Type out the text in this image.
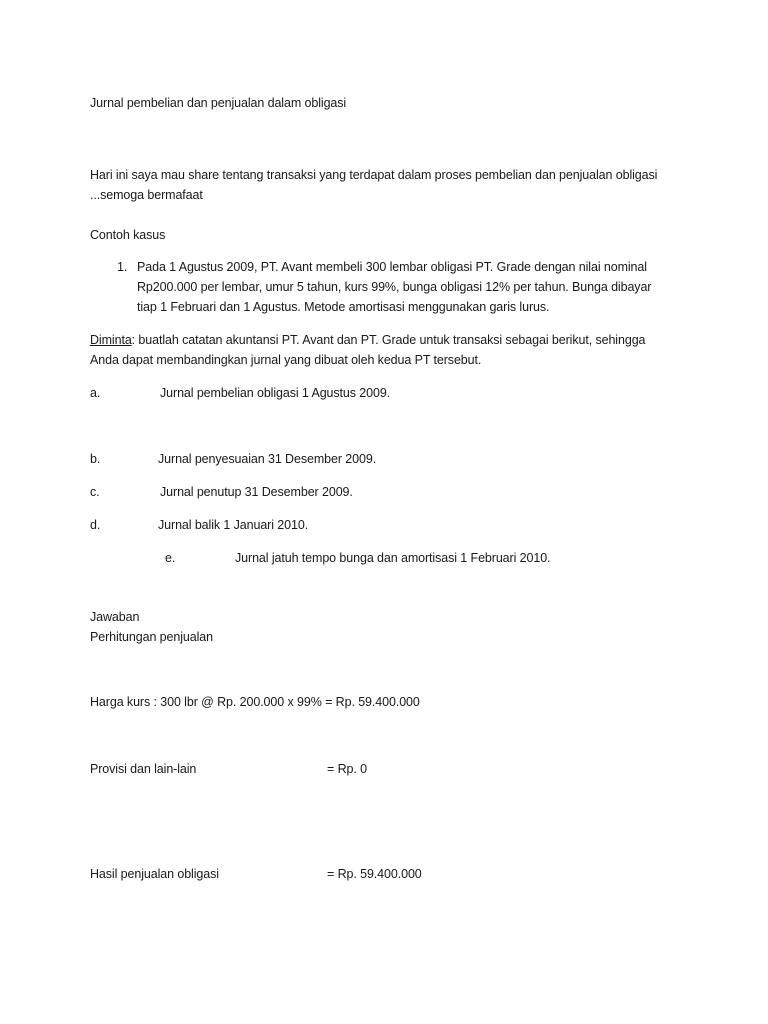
Jurnal pembelian dan penjualan dalam obligasi
Hari ini saya mau share tentang transaksi yang terdapat dalam proses pembelian dan penjualan obligasi
...semoga bermafaat
Contoh kasus
1. Pada 1 Agustus 2009, PT. Avant membeli 300 lembar obligasi PT. Grade dengan nilai nominal
Rp200.000 per lembar, umur 5 tahun, kurs 99%, bunga obligasi 12% per tahun. Bunga dibayar
tiap 1 Februari dan 1 Agustus. Metode amortisasi menggunakan garis lurus.
Diminta: buatlah catatan akuntansi PT. Avant dan PT. Grade untuk transaksi sebagai berikut, sehingga
Anda dapat membandingkan jurnal yang dibuat oleh kedua PT tersebut.
a.	Jurnal pembelian obligasi 1 Agustus 2009.
b.	Jurnal penyesuaian 31 Desember 2009.
c.	Jurnal penutup 31 Desember 2009.
d.	Jurnal balik 1 Januari 2010.
e.	Jurnal jatuh tempo bunga dan amortisasi 1 Februari 2010.
Jawaban
Perhitungan penjualan
Harga kurs : 300 lbr @ Rp. 200.000 x 99% = Rp. 59.400.000
Provisi dan lain-lain	= Rp. 0
Hasil penjualan obligasi	= Rp. 59.400.000
